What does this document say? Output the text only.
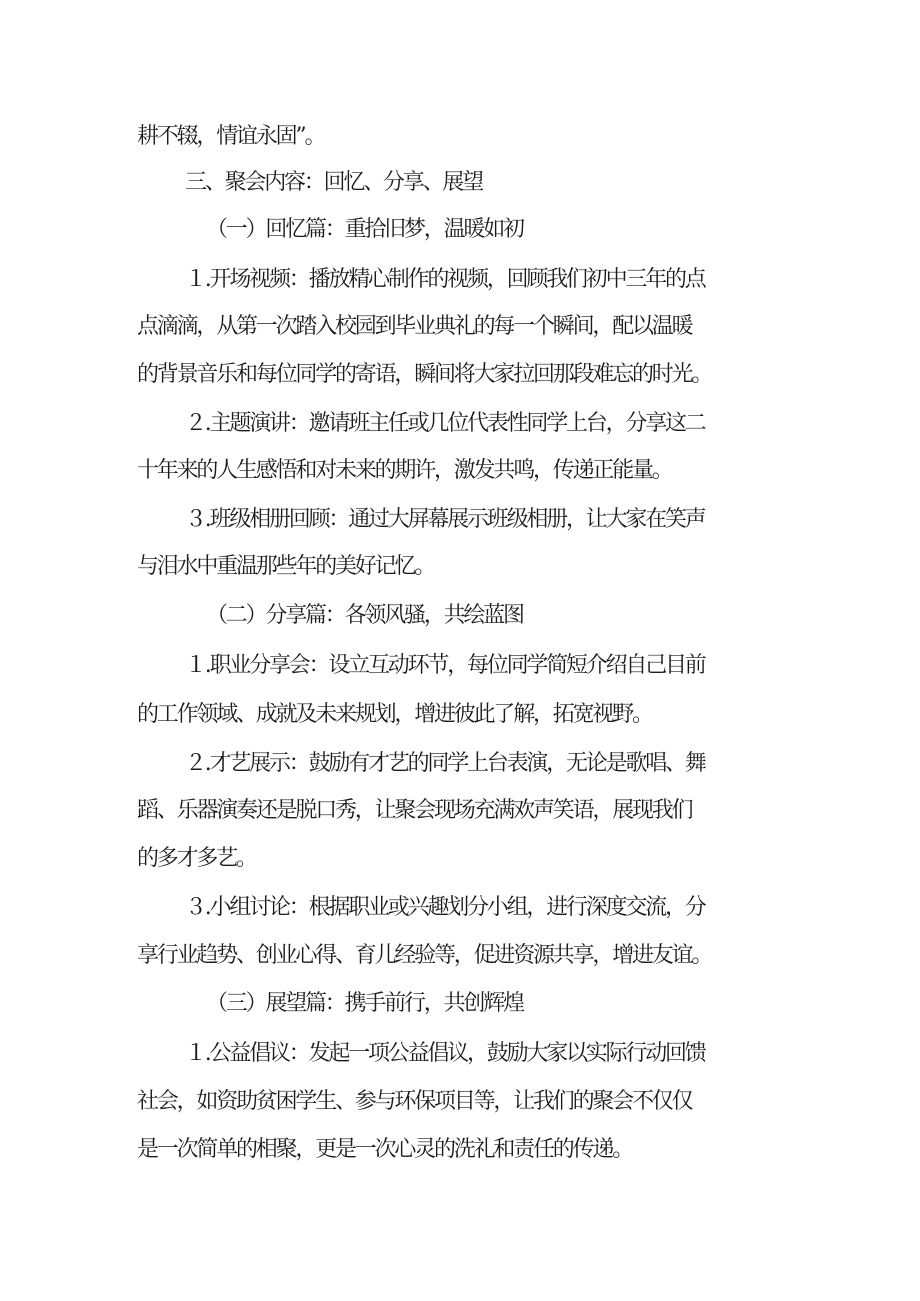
耕不辍，情谊永固”。
三、聚会内容：回忆、分享、展望
（一）回忆篇：重拾旧梦，温暖如初
１.开场视频：播放精心制作的视频，回顾我们初中三年的点
点滴滴，从第一次踏入校园到毕业典礼的每一个瞬间，配以温暖
的背景音乐和每位同学的寄语，瞬间将大家拉回那段难忘的时光。
２.主题演讲：邀请班主任或几位代表性同学上台，分享这二
十年来的人生感悟和对未来的期许，激发共鸣，传递正能量。
３.班级相册回顾：通过大屏幕展示班级相册，让大家在笑声
与泪水中重温那些年的美好记忆。
（二）分享篇：各领风骚，共绘蓝图
１.职业分享会：设立互动环节，每位同学简短介绍自己目前
的工作领域、成就及未来规划，增进彼此了解，拓宽视野。
２.才艺展示：鼓励有才艺的同学上台表演，无论是歌唱、舞
蹈、乐器演奏还是脱口秀，让聚会现场充满欢声笑语，展现我们
的多才多艺。
３.小组讨论：根据职业或兴趣划分小组，进行深度交流，分
享行业趋势、创业心得、育儿经验等，促进资源共享，增进友谊。
（三）展望篇：携手前行，共创辉煌
１.公益倡议：发起一项公益倡议，鼓励大家以实际行动回馈
社会，如资助贫困学生、参与环保项目等，让我们的聚会不仅仅
是一次简单的相聚，更是一次心灵的洗礼和责任的传递。
